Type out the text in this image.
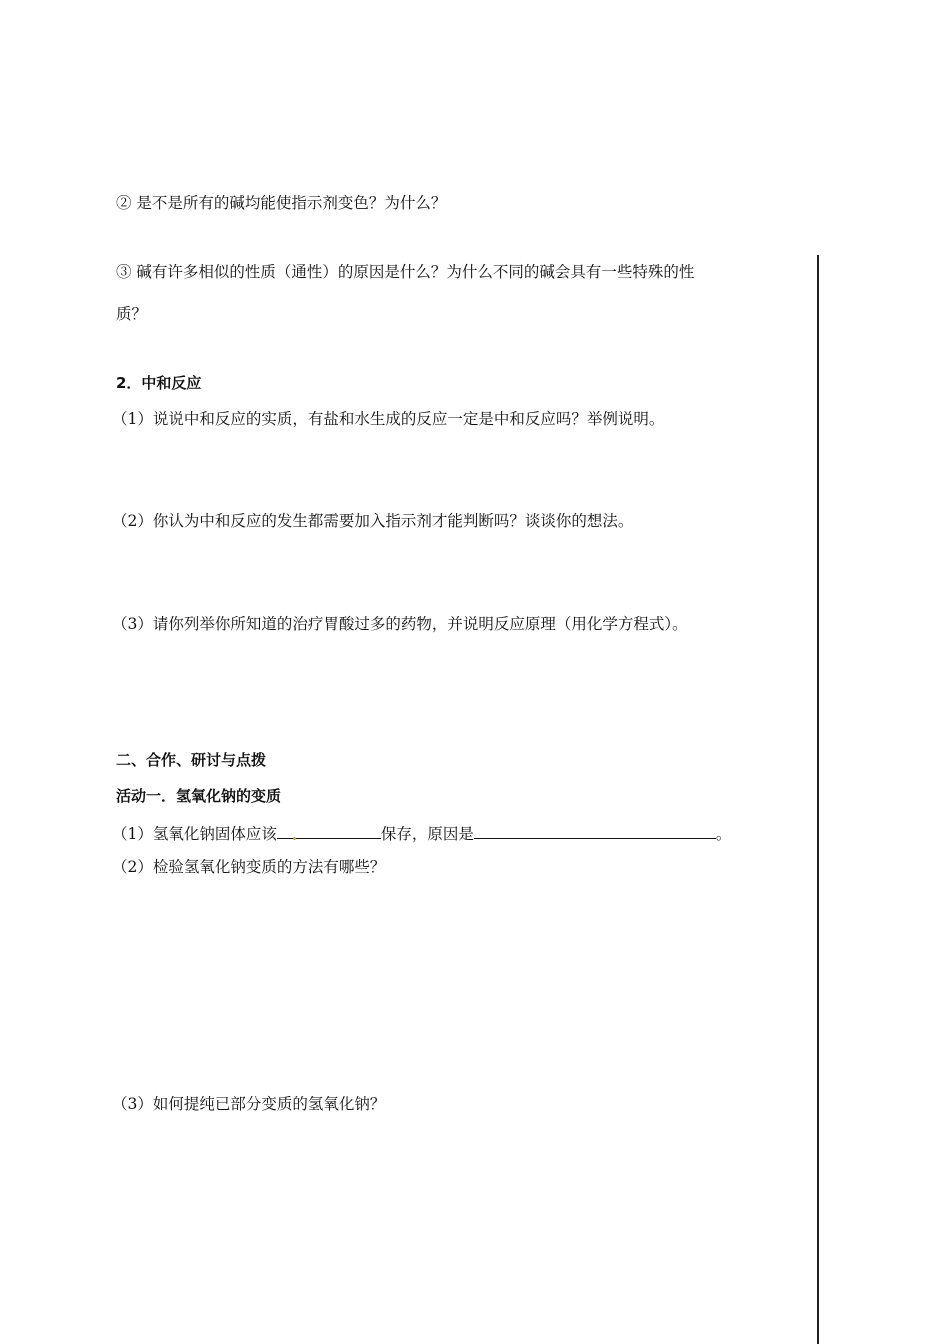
② 是不是所有的碱均能使指示剂变色？为什么？
③ 碱有许多相似的性质（通性）的原因是什么？为什么不同的碱会具有一些特殊的性
质？
2．中和反应
（1）说说中和反应的实质，有盐和水生成的反应一定是中和反应吗？举例说明。
（2）你认为中和反应的发生都需要加入指示剂才能判断吗？谈谈你的想法。
（3）请你列举你所知道的治疗胃酸过多的药物，并说明反应原理（用化学方程式）。
二、合作、研讨与点拨
活动一．氢氧化钠的变质
（1）氢氧化钠固体应该	保存，原因是	。
（2）检验氢氧化钠变质的方法有哪些？
（3）如何提纯已部分变质的氢氧化钠？
